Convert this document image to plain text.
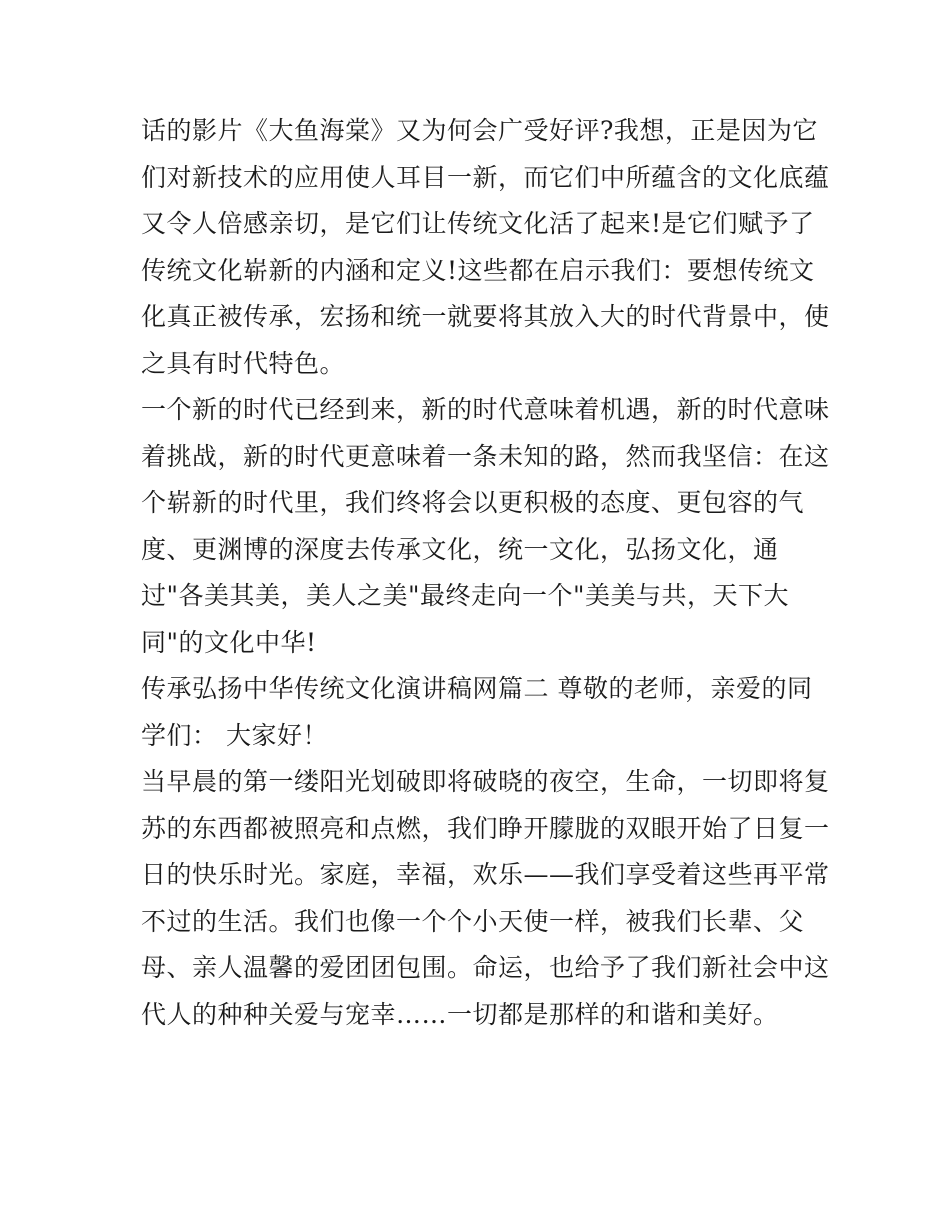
话的影片《大鱼海棠》又为何会广受好评?我想，正是因为它
们对新技术的应用使人耳目一新，而它们中所蕴含的文化底蕴
又令人倍感亲切，是它们让传统文化活了起来!是它们赋予了
传统文化崭新的内涵和定义!这些都在启示我们：要想传统文
化真正被传承，宏扬和统一就要将其放入大的时代背景中，使
之具有时代特色。
一个新的时代已经到来，新的时代意味着机遇，新的时代意味
着挑战，新的时代更意味着一条未知的路，然而我坚信：在这
个崭新的时代里，我们终将会以更积极的态度、更包容的气
度、更渊博的深度去传承文化，统一文化，弘扬文化，通
过"各美其美，美人之美"最终走向一个"美美与共，天下大
同"的文化中华!
传承弘扬中华传统文化演讲稿网篇二 尊敬的老师，亲爱的同
学们： 大家好！
当早晨的第一缕阳光划破即将破晓的夜空，生命，一切即将复
苏的东西都被照亮和点燃，我们睁开朦胧的双眼开始了日复一
日的快乐时光。家庭，幸福，欢乐——我们享受着这些再平常
不过的生活。我们也像一个个小天使一样，被我们长辈、父
母、亲人温馨的爱团团包围。命运，也给予了我们新社会中这
代人的种种关爱与宠幸……一切都是那样的和谐和美好。
